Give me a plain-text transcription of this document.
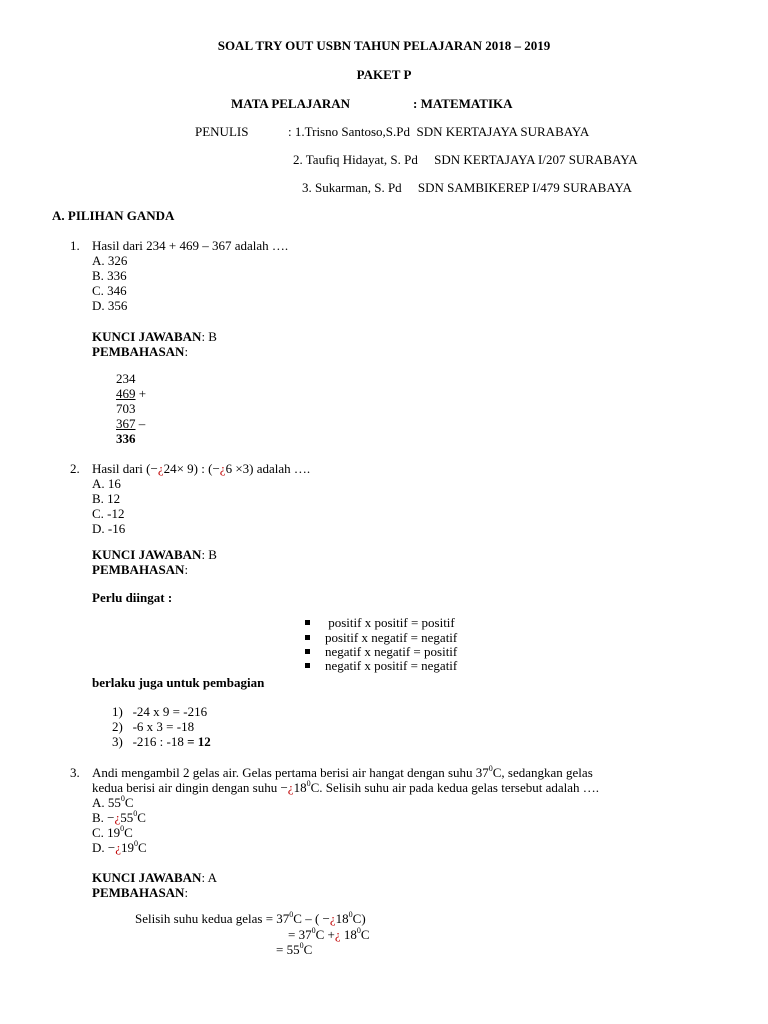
SOAL TRY OUT USBN TAHUN PELAJARAN 2018 – 2019
PAKET P
MATA PELAJARAN	: MATEMATIKA
PENULIS	: 1.Trisno Santoso,S.Pd SDN KERTAJAYA SURABAYA
2. Taufiq Hidayat, S. Pd SDN KERTAJAYA I/207 SURABAYA
3. Sukarman, S. Pd SDN SAMBIKEREP I/479 SURABAYA
A. PILIHAN GANDA
1. Hasil dari 234 + 469 – 367 adalah ….
A. 326
B. 336
C. 346
D. 356
KUNCI JAWABAN: B
PEMBAHASAN:
234
469 +
703
367 –
336
2. Hasil dari (−¿24× 9) : (−¿6 ×3) adalah ….
A. 16
B. 12
C. -12
D. -16
KUNCI JAWABAN: B
PEMBAHASAN:
Perlu diingat :
positif x positif = positif
positif x negatif = negatif
negatif x negatif = positif
negatif x positif = negatif
berlaku juga untuk pembagian
1) -24 x 9 = -216
2) -6 x 3 = -18
3) -216 : -18 = 12
3. Andi mengambil 2 gelas air. Gelas pertama berisi air hangat dengan suhu $37^0C$, sedangkan gelas
kedua berisi air dingin dengan suhu $-¿18^0C$. Selisih suhu air pada kedua gelas tersebut adalah ….
A. $55^0C$
B. $-¿55^0C$
C. $19^0C$
D. $-¿19^0C$
KUNCI JAWABAN: A
PEMBAHASAN:
Selisih suhu kedua gelas = $37^0C$ – ( $-¿18^0C$)
= $37^0C$ +¿ $18^0C$
= $55^0C$
